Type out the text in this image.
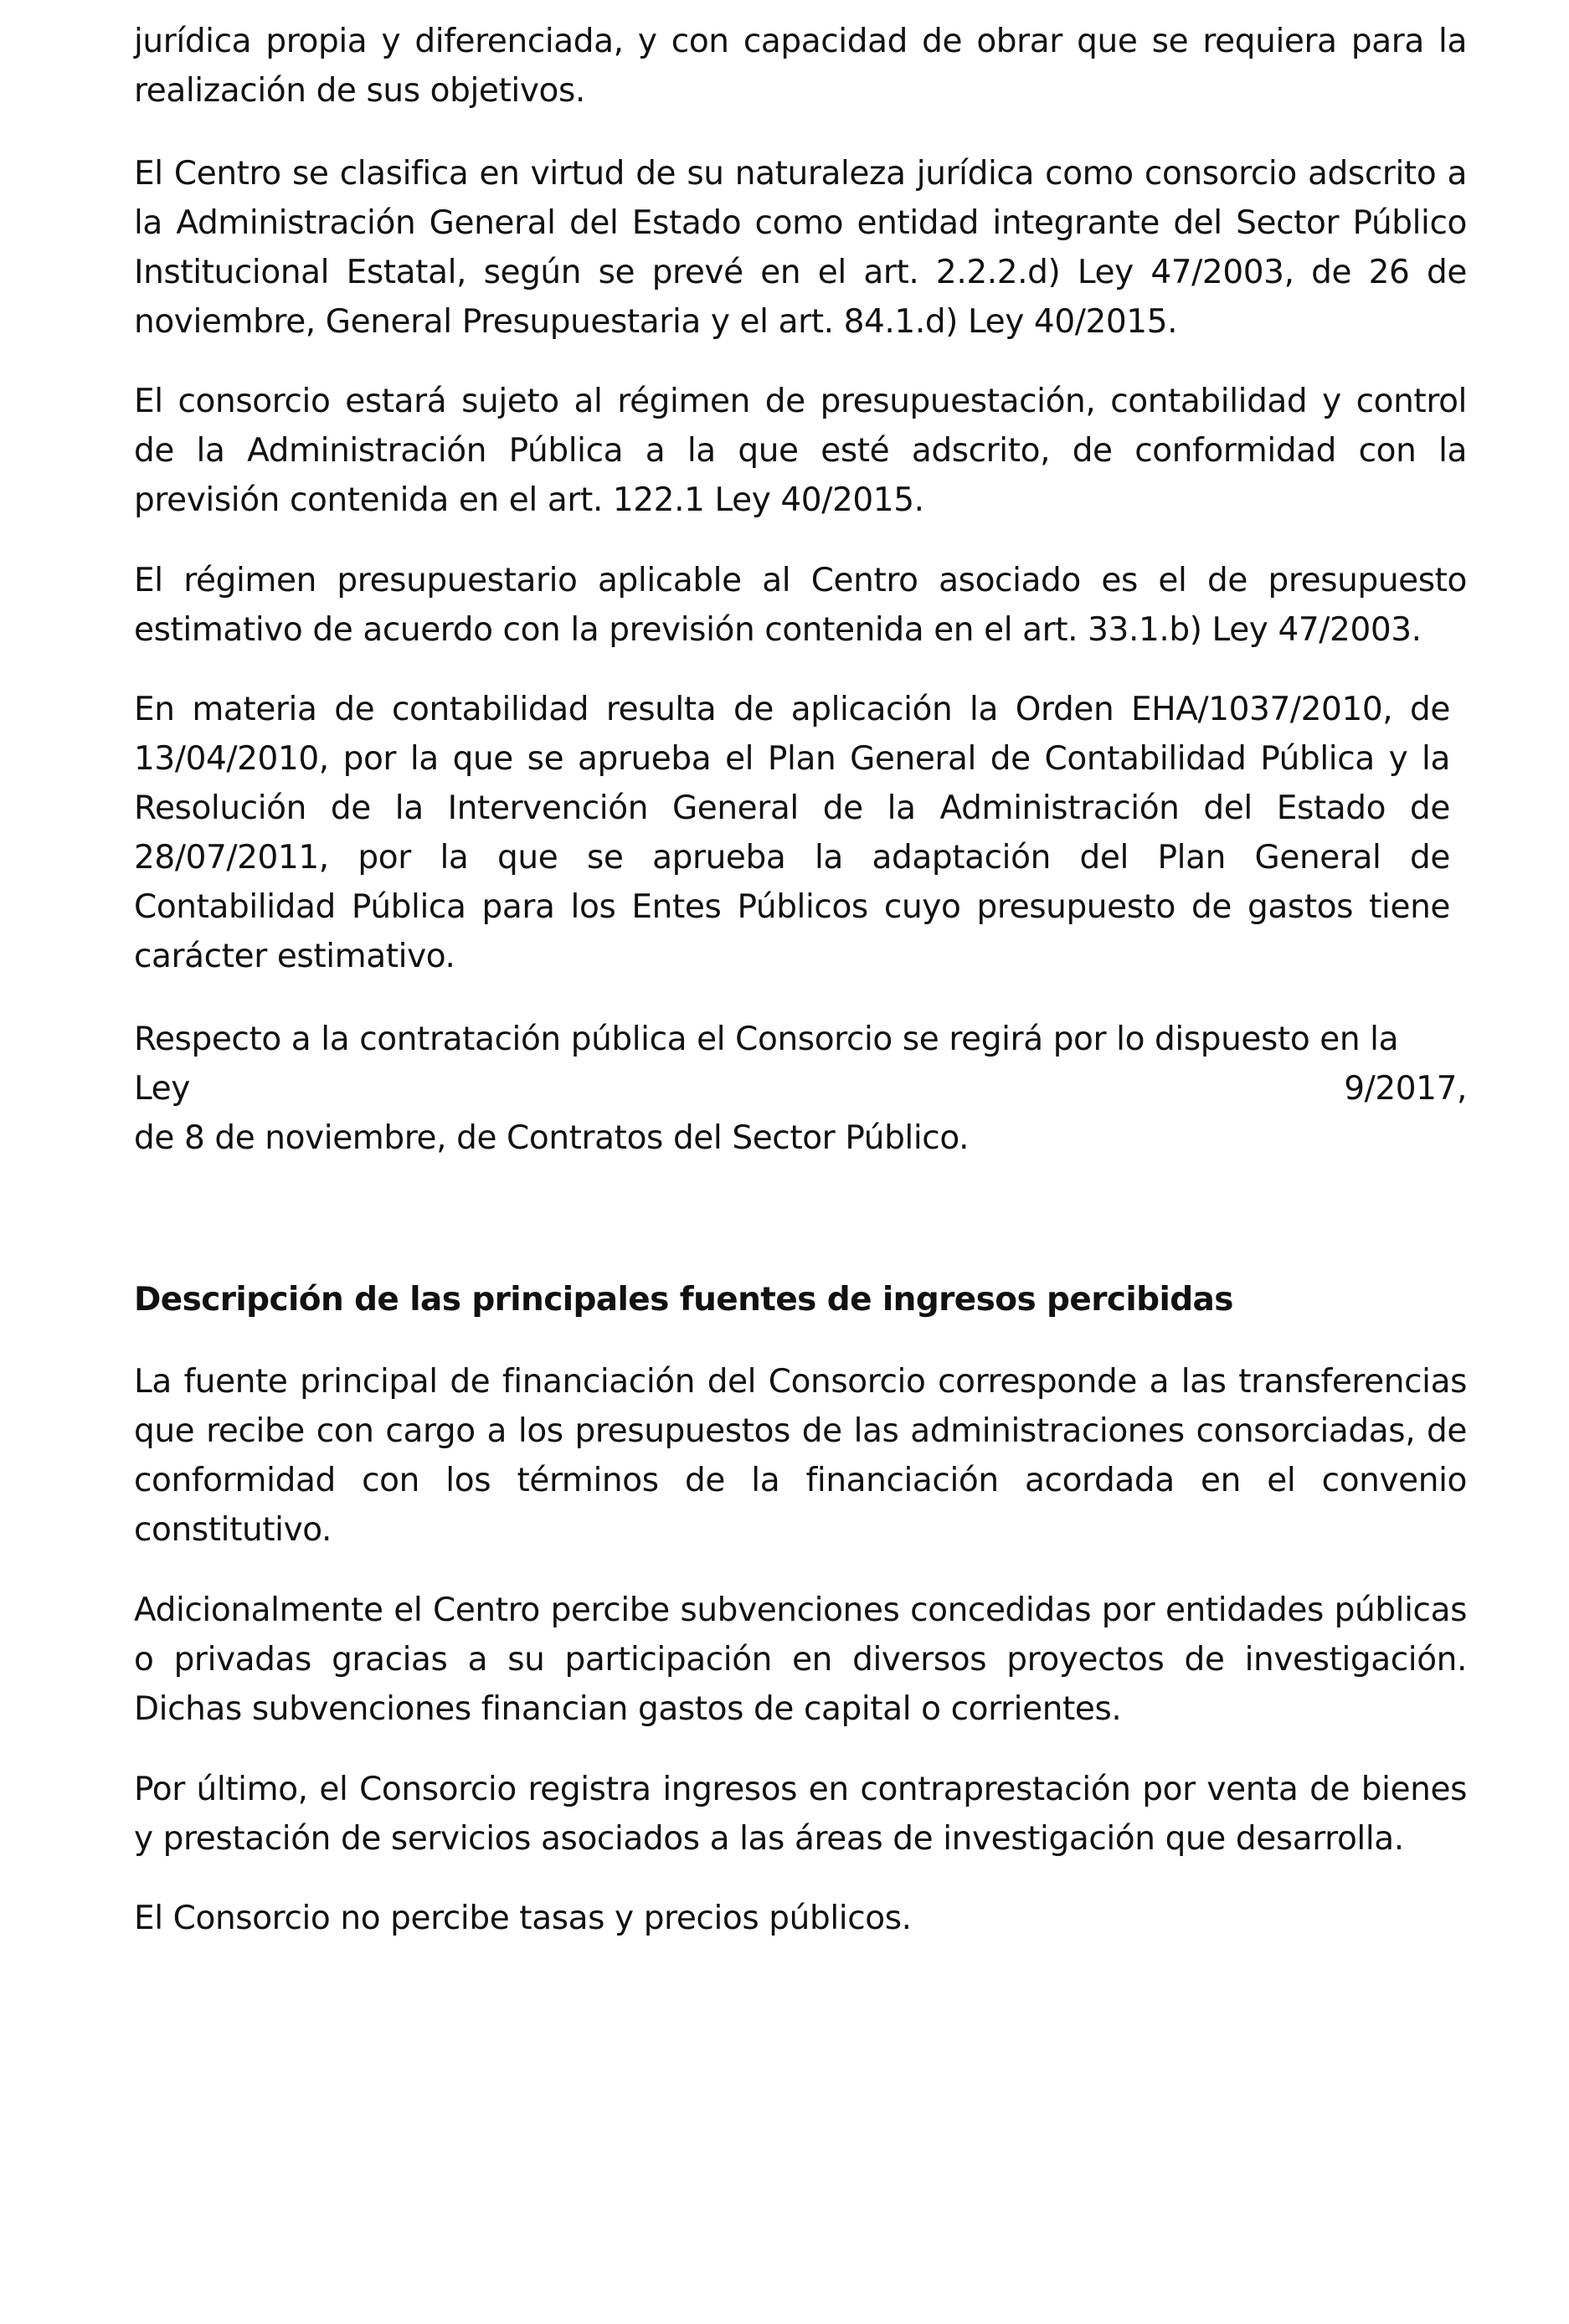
jurídica propia y diferenciada, y con capacidad de obrar que se requiera para la realización de sus objetivos.

El Centro se clasifica en virtud de su naturaleza jurídica como consorcio adscrito a la Administración General del Estado como entidad integrante del Sector Público Institucional Estatal, según se prevé en el art. 2.2.2.d) Ley 47/2003, de 26 de noviembre, General Presupuestaria y el art. 84.1.d) Ley 40/2015.

El consorcio estará sujeto al régimen de presupuestación, contabilidad y control de la Administración Pública a la que esté adscrito, de conformidad con la previsión contenida en el art. 122.1 Ley 40/2015.

El régimen presupuestario aplicable al Centro asociado es el de presupuesto estimativo de acuerdo con la previsión contenida en el art. 33.1.b) Ley 47/2003.

En materia de contabilidad resulta de aplicación la Orden EHA/1037/2010, de 13/04/2010, por la que se aprueba el Plan General de Contabilidad Pública y la Resolución de la Intervención General de la Administración del Estado de 28/07/2011, por la que se aprueba la adaptación del Plan General de Contabilidad Pública para los Entes Públicos cuyo presupuesto de gastos tiene carácter estimativo.

Respecto a la contratación pública el Consorcio se regirá por lo dispuesto en la
Ley	9/2017,
de 8 de noviembre, de Contratos del Sector Público.
Descripción de las principales fuentes de ingresos percibidas

La fuente principal de financiación del Consorcio corresponde a las transferencias que recibe con cargo a los presupuestos de las administraciones consorciadas, de conformidad con los términos de la financiación acordada en el convenio constitutivo.

Adicionalmente el Centro percibe subvenciones concedidas por entidades públicas o privadas gracias a su participación en diversos proyectos de investigación. Dichas subvenciones financian gastos de capital o corrientes.

Por último, el Consorcio registra ingresos en contraprestación por venta de bienes y prestación de servicios asociados a las áreas de investigación que desarrolla.

El Consorcio no percibe tasas y precios públicos.
